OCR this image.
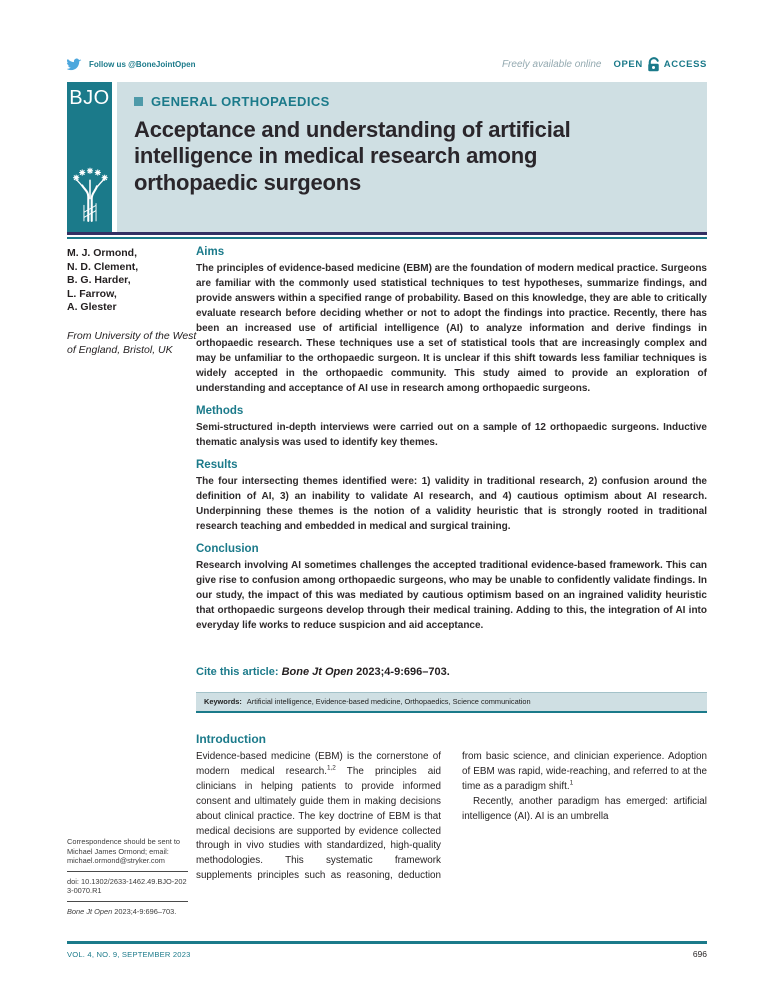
Follow us @BoneJointOpen	Freely available online OPEN ACCESS
BJO	GENERAL ORTHOPAEDICS
Acceptance and understanding of artificial intelligence in medical research among orthopaedic surgeons
M. J. Ormond,
N. D. Clement,
B. G. Harder,
L. Farrow,
A. Glester
From University of the West of England, Bristol, UK
Correspondence should be sent to Michael James Ormond; email: michael.ormond@stryker.com
doi: 10.1302/2633-1462.49.BJO-2023-0070.R1
Bone Jt Open 2023;4-9:696–703.
Aims

The principles of evidence-based medicine (EBM) are the foundation of modern medical practice. Surgeons are familiar with the commonly used statistical techniques to test hypotheses, summarize findings, and provide answers within a specified range of probability. Based on this knowledge, they are able to critically evaluate research before deciding whether or not to adopt the findings into practice. Recently, there has been an increased use of artificial intelligence (AI) to analyze information and derive findings in orthopaedic research. These techniques use a set of statistical tools that are increasingly complex and may be unfamiliar to the orthopaedic surgeon. It is unclear if this shift towards less familiar techniques is widely accepted in the orthopaedic community. This study aimed to provide an exploration of understanding and acceptance of AI use in research among orthopaedic surgeons.

Methods

Semi-structured in-depth interviews were carried out on a sample of 12 orthopaedic surgeons. Inductive thematic analysis was used to identify key themes.

Results

The four intersecting themes identified were: 1) validity in traditional research, 2) confusion around the definition of AI, 3) an inability to validate AI research, and 4) cautious optimism about AI research. Underpinning these themes is the notion of a validity heuristic that is strongly rooted in traditional research teaching and embedded in medical and surgical training.

Conclusion

Research involving AI sometimes challenges the accepted traditional evidence-based framework. This can give rise to confusion among orthopaedic surgeons, who may be unable to confidently validate findings. In our study, the impact of this was mediated by cautious optimism based on an ingrained validity heuristic that orthopaedic surgeons develop through their medical training. Adding to this, the integration of AI into everyday life works to reduce suspicion and aid acceptance.

Cite this article: Bone Jt Open 2023;4-9:696–703.
Keywords: Artificial intelligence, Evidence-based medicine, Orthopaedics, Science communication
Introduction

Evidence-based medicine (EBM) is the cornerstone of modern medical research.$^{1,2}$ The principles aid clinicians in helping patients to provide informed consent and ultimately guide them in making decisions about clinical practice. The key doctrine of EBM is that medical decisions are supported by evidence collected through in vivo studies with standardized, high-quality methodologies. This systematic framework supplements principles such as reasoning, deduction from basic science, and clinician experience. Adoption of EBM was rapid, wide-reaching, and referred to at the time as a paradigm shift.$^1$

Recently, another paradigm has emerged: artificial intelligence (AI). AI is an umbrella

VOL. 4, NO. 9, SEPTEMBER 2023	696
